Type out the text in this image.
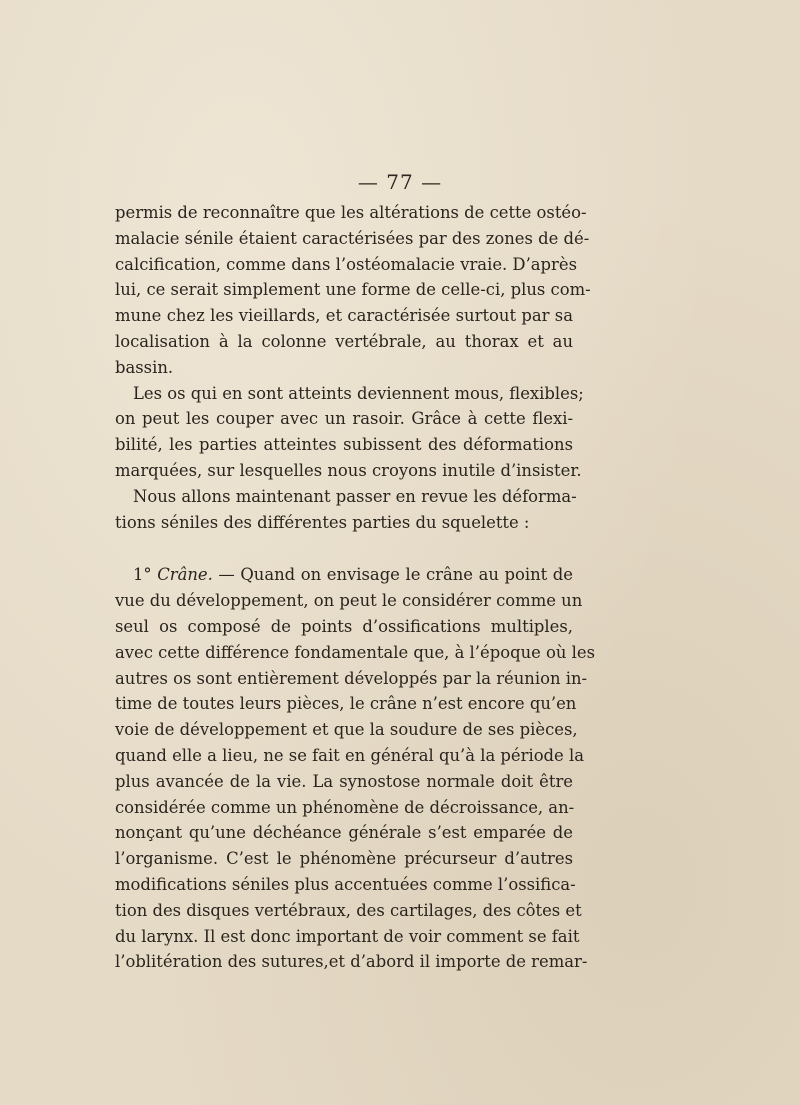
— 77 —
permis de reconnaître que les altérations de cette ostéo-
malacie sénile étaient caractérisées par des zones de dé-
calcification, comme dans l’ostéomalacie vraie. D’après
lui, ce serait simplement une forme de celle-ci, plus com-
mune chez les vieillards, et caractérisée surtout par sa
localisation à la colonne vertébrale, au thorax et au
bassin.
Les os qui en sont atteints deviennent mous, flexibles;
on peut les couper avec un rasoir. Grâce à cette flexi-
bilité, les parties atteintes subissent des déformations
marquées, sur lesquelles nous croyons inutile d’insister.
Nous allons maintenant passer en revue les déforma-
tions séniles des différentes parties du squelette :
1° Crâne. — Quand on envisage le crâne au point de
vue du développement, on peut le considérer comme un
seul os composé de points d’ossifications multiples,
avec cette différence fondamentale que, à l’époque où les
autres os sont entièrement développés par la réunion in-
time de toutes leurs pièces, le crâne n’est encore qu’en
voie de développement et que la soudure de ses pièces,
quand elle a lieu, ne se fait en général qu’à la période la
plus avancée de la vie. La synostose normale doit être
considérée comme un phénomène de décroissance, an-
nonçant qu’une déchéance générale s’est emparée de
l’organisme. C’est le phénomène précurseur d’autres
modifications séniles plus accentuées comme l’ossifica-
tion des disques vertébraux, des cartilages, des côtes et
du larynx. Il est donc important de voir comment se fait
l’oblitération des sutures,et d’abord il importe de remar-
